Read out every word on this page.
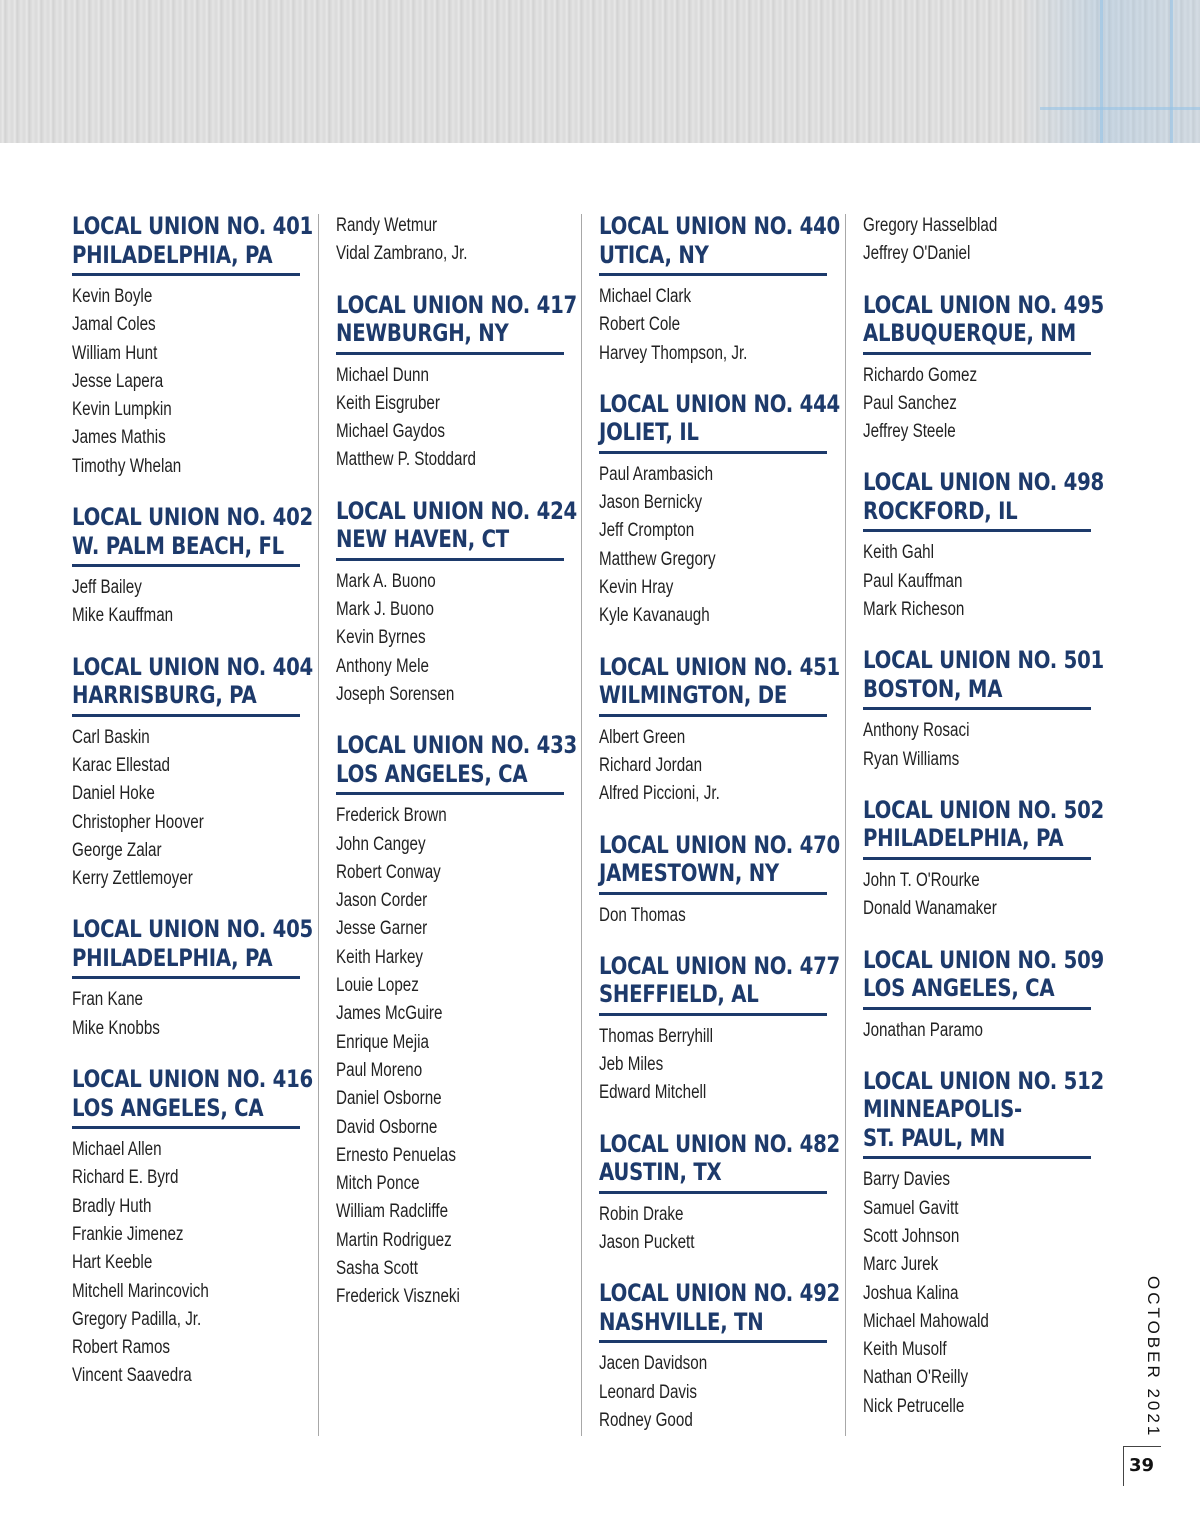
LOCAL UNION NO. 401
PHILADELPHIA, PA
Kevin Boyle
Jamal Coles
William Hunt
Jesse Lapera
Kevin Lumpkin
James Mathis
Timothy Whelan
LOCAL UNION NO. 402
W. PALM BEACH, FL
Jeff Bailey
Mike Kauffman
LOCAL UNION NO. 404
HARRISBURG, PA
Carl Baskin
Karac Ellestad
Daniel Hoke
Christopher Hoover
George Zalar
Kerry Zettlemoyer
LOCAL UNION NO. 405
PHILADELPHIA, PA
Fran Kane
Mike Knobbs
LOCAL UNION NO. 416
LOS ANGELES, CA
Michael Allen
Richard E. Byrd
Bradly Huth
Frankie Jimenez
Hart Keeble
Mitchell Marincovich
Gregory Padilla, Jr.
Robert Ramos
Vincent Saavedra
Randy Wetmur
Vidal Zambrano, Jr.
LOCAL UNION NO. 417
NEWBURGH, NY
Michael Dunn
Keith Eisgruber
Michael Gaydos
Matthew P. Stoddard
LOCAL UNION NO. 424
NEW HAVEN, CT
Mark A. Buono
Mark J. Buono
Kevin Byrnes
Anthony Mele
Joseph Sorensen
LOCAL UNION NO. 433
LOS ANGELES, CA
Frederick Brown
John Cangey
Robert Conway
Jason Corder
Jesse Garner
Keith Harkey
Louie Lopez
James McGuire
Enrique Mejia
Paul Moreno
Daniel Osborne
David Osborne
Ernesto Penuelas
Mitch Ponce
William Radcliffe
Martin Rodriguez
Sasha Scott
Frederick Viszneki
LOCAL UNION NO. 440
UTICA, NY
Michael Clark
Robert Cole
Harvey Thompson, Jr.
LOCAL UNION NO. 444
JOLIET, IL
Paul Arambasich
Jason Bernicky
Jeff Crompton
Matthew Gregory
Kevin Hray
Kyle Kavanaugh
LOCAL UNION NO. 451
WILMINGTON, DE
Albert Green
Richard Jordan
Alfred Piccioni, Jr.
LOCAL UNION NO. 470
JAMESTOWN, NY
Don Thomas
LOCAL UNION NO. 477
SHEFFIELD, AL
Thomas Berryhill
Jeb Miles
Edward Mitchell
LOCAL UNION NO. 482
AUSTIN, TX
Robin Drake
Jason Puckett
LOCAL UNION NO. 492
NASHVILLE, TN
Jacen Davidson
Leonard Davis
Rodney Good
Gregory Hasselblad
Jeffrey O'Daniel
LOCAL UNION NO. 495
ALBUQUERQUE, NM
Richardo Gomez
Paul Sanchez
Jeffrey Steele
LOCAL UNION NO. 498
ROCKFORD, IL
Keith Gahl
Paul Kauffman
Mark Richeson
LOCAL UNION NO. 501
BOSTON, MA
Anthony Rosaci
Ryan Williams
LOCAL UNION NO. 502
PHILADELPHIA, PA
John T. O'Rourke
Donald Wanamaker
LOCAL UNION NO. 509
LOS ANGELES, CA
Jonathan Paramo
LOCAL UNION NO. 512
MINNEAPOLIS-
ST. PAUL, MN
Barry Davies
Samuel Gavitt
Scott Johnson
Marc Jurek
Joshua Kalina
Michael Mahowald
Keith Musolf
Nathan O'Reilly
Nick Petrucelle	OCTOBER 2021
39
